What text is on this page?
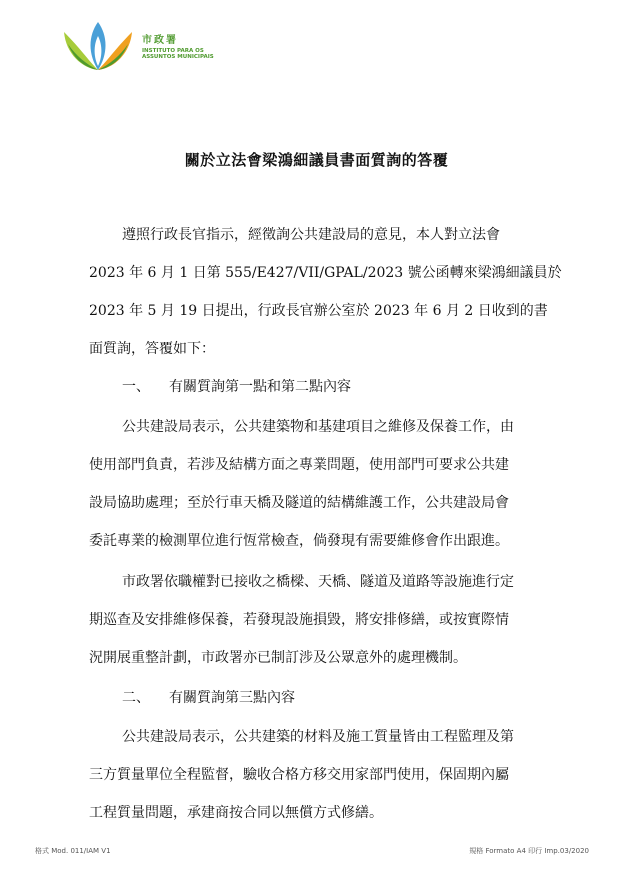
市政署
INSTITUTO PARA OS
ASSUNTOS MUNICIPAIS
關於立法會梁鴻細議員書面質詢的答覆
遵照行政長官指示，經徵詢公共建設局的意見，本人對立法會
2023 年 6 月 1 日第 555/E427/VII/GPAL/2023 號公函轉來梁鴻細議員於
2023 年 5 月 19 日提出，行政長官辦公室於 2023 年 6 月 2 日收到的書
面質詢，答覆如下：
一、 有關質詢第一點和第二點內容
公共建設局表示，公共建築物和基建項目之維修及保養工作，由
使用部門負責，若涉及結構方面之專業問題，使用部門可要求公共建
設局協助處理；至於行車天橋及隧道的結構維護工作，公共建設局會
委託專業的檢測單位進行恆常檢查，倘發現有需要維修會作出跟進。
市政署依職權對已接收之橋樑、天橋、隧道及道路等設施進行定
期巡查及安排維修保養，若發現設施損毀，將安排修繕，或按實際情
況開展重整計劃，市政署亦已制訂涉及公眾意外的處理機制。
二、 有關質詢第三點內容
公共建設局表示，公共建築的材料及施工質量皆由工程監理及第
三方質量單位全程監督，驗收合格方移交用家部門使用，保固期內屬
工程質量問題，承建商按合同以無償方式修繕。
格式 Mod. 011/IAM V1	規格 Formato A4 印行 Imp.03/2020
